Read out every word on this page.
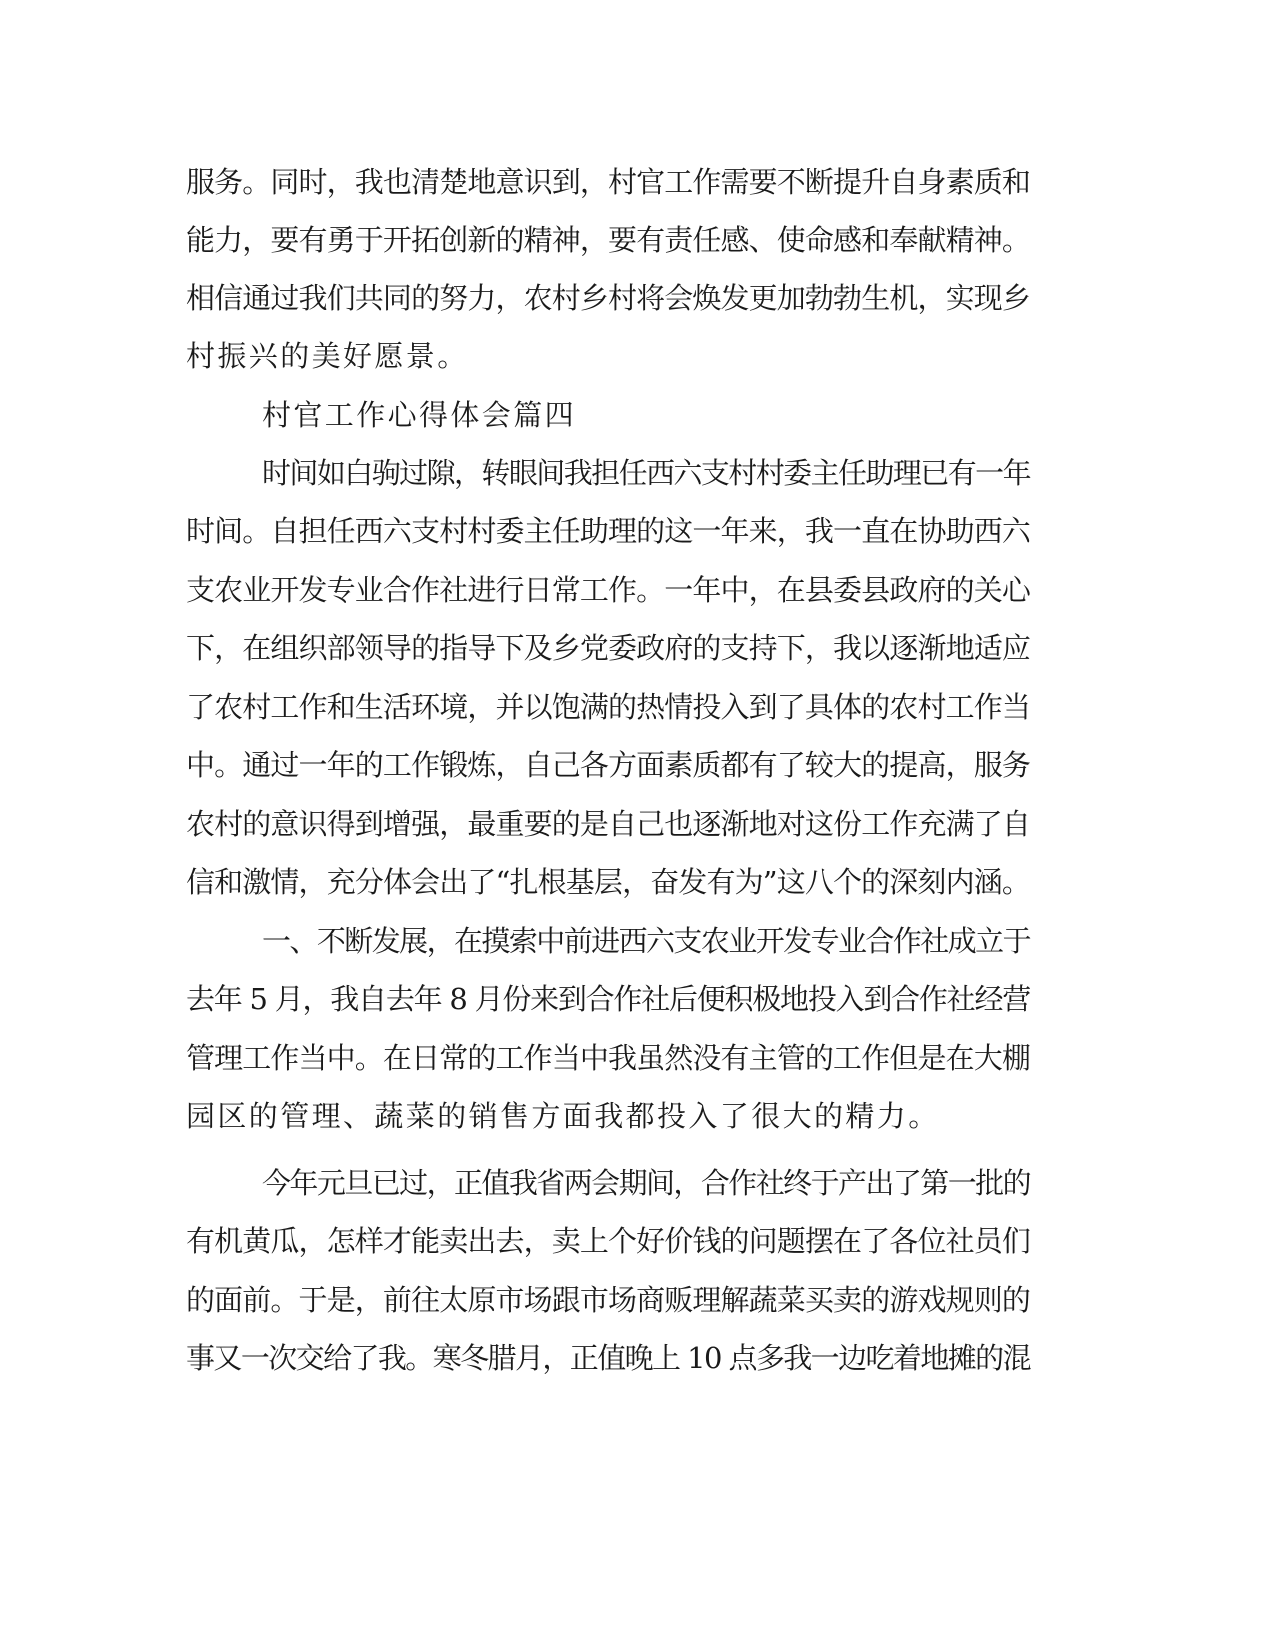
服务。同时，我也清楚地意识到，村官工作需要不断提升自身素质和
能力，要有勇于开拓创新的精神，要有责任感、使命感和奉献精神。
相信通过我们共同的努力，农村乡村将会焕发更加勃勃生机，实现乡
村振兴的美好愿景。
村官工作心得体会篇四
时间如白驹过隙，转眼间我担任西六支村村委主任助理已有一年
时间。自担任西六支村村委主任助理的这一年来，我一直在协助西六
支农业开发专业合作社进行日常工作。一年中，在县委县政府的关心
下，在组织部领导的指导下及乡党委政府的支持下，我以逐渐地适应
了农村工作和生活环境，并以饱满的热情投入到了具体的农村工作当
中。通过一年的工作锻炼，自己各方面素质都有了较大的提高，服务
农村的意识得到增强，最重要的是自己也逐渐地对这份工作充满了自
信和激情，充分体会出了“扎根基层，奋发有为”这八个的深刻内涵。
一、不断发展，在摸索中前进西六支农业开发专业合作社成立于
去年 5 月，我自去年 8 月份来到合作社后便积极地投入到合作社经营
管理工作当中。在日常的工作当中我虽然没有主管的工作但是在大棚
园区的管理、蔬菜的销售方面我都投入了很大的精力。
今年元旦已过，正值我省两会期间，合作社终于产出了第一批的
有机黄瓜，怎样才能卖出去，卖上个好价钱的问题摆在了各位社员们
的面前。于是，前往太原市场跟市场商贩理解蔬菜买卖的游戏规则的
事又一次交给了我。寒冬腊月，正值晚上 10 点多我一边吃着地摊的混
